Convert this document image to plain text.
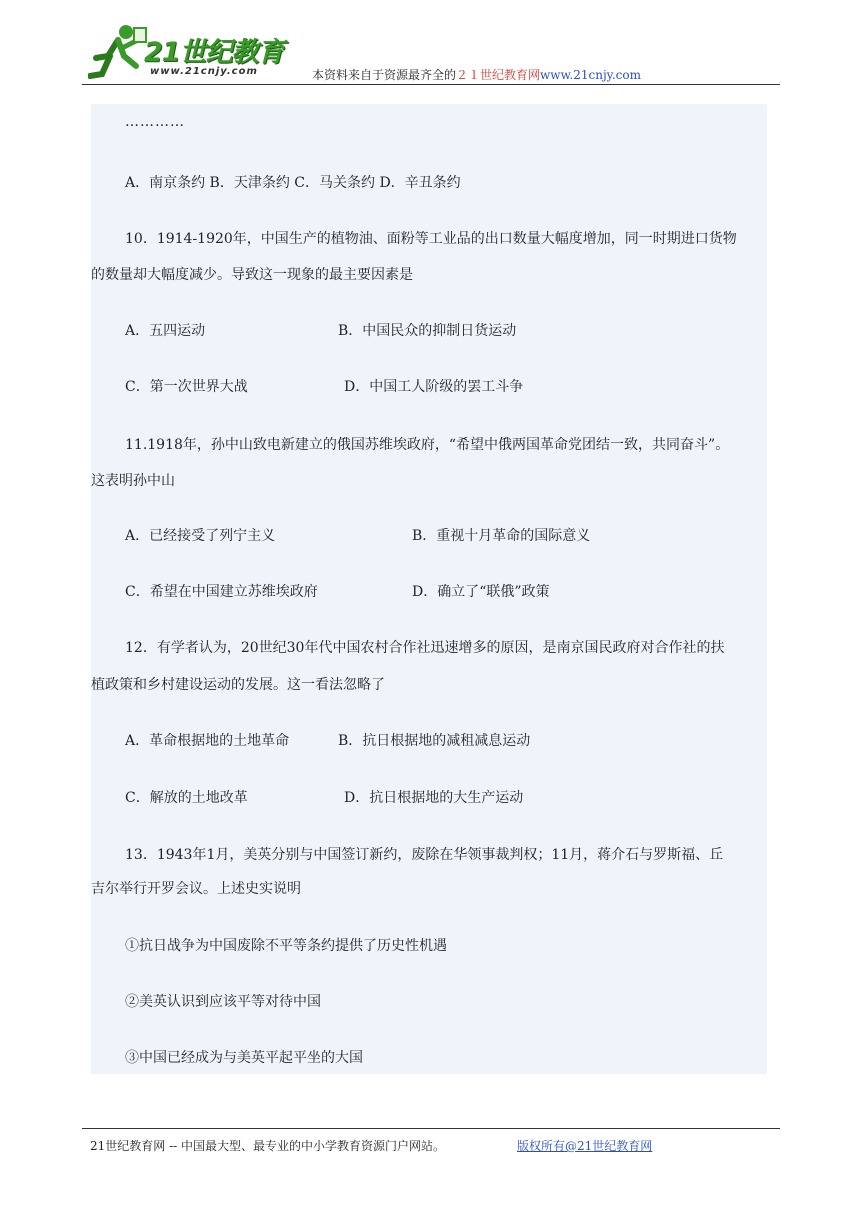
21世纪教育
www.21cnjy.com	本资料来自于资源最齐全的２１世纪教育网www.21cnjy.com
…………
A．南京条约 B．天津条约 C．马关条约 D．辛丑条约
10．1914-1920年，中国生产的植物油、面粉等工业品的出口数量大幅度增加，同一时期进口货物
的数量却大幅度减少。导致这一现象的最主要因素是
A．五四运动	B．中国民众的抑制日货运动
C．第一次世界大战	D．中国工人阶级的罢工斗争
11.1918年，孙中山致电新建立的俄国苏维埃政府，“希望中俄两国革命党团结一致，共同奋斗”。
这表明孙中山
A．已经接受了列宁主义	B．重视十月革命的国际意义
C．希望在中国建立苏维埃政府	D．确立了“联俄”政策
12．有学者认为，20世纪30年代中国农村合作社迅速增多的原因，是南京国民政府对合作社的扶
植政策和乡村建设运动的发展。这一看法忽略了
A．革命根据地的土地革命	B．抗日根据地的减租减息运动
C．解放的土地改革	D．抗日根据地的大生产运动
13．1943年1月，美英分别与中国签订新约，废除在华领事裁判权；11月，蒋介石与罗斯福、丘
吉尔举行开罗会议。上述史实说明
①抗日战争为中国废除不平等条约提供了历史性机遇
②美英认识到应该平等对待中国
③中国已经成为与美英平起平坐的大国
21世纪教育网 -- 中国最大型、最专业的中小学教育资源门户网站。	版权所有@21世纪教育网
